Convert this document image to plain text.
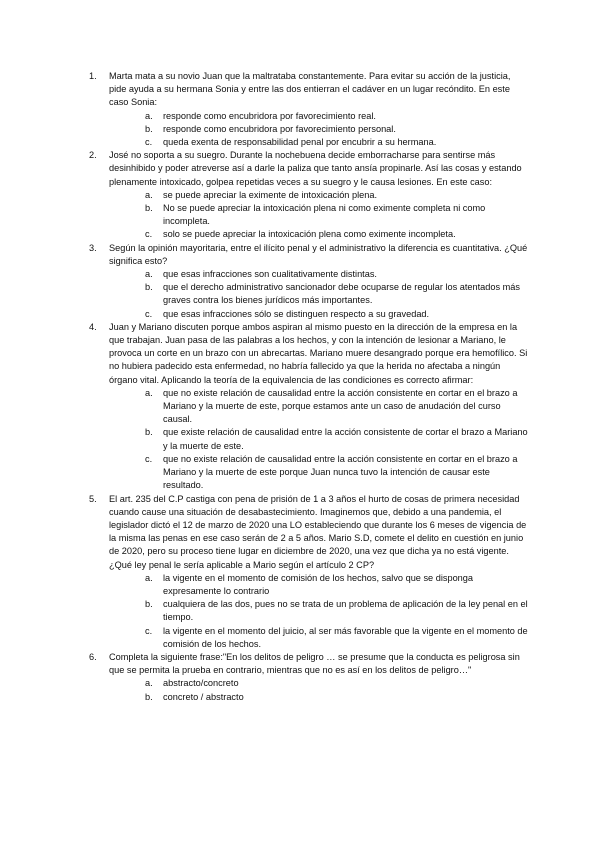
1. Marta mata a su novio Juan que la maltrataba constantemente. Para evitar su acción de la justicia, pide ayuda a su hermana Sonia y entre las dos entierran el cadáver en un lugar recóndito. En este caso Sonia:
a. responde como encubridora por favorecimiento real.
b. responde como encubridora por favorecimiento personal.
c. queda exenta de responsabilidad penal por encubrir a su hermana.
2. José no soporta a su suegro. Durante la nochebuena decide emborracharse para sentirse más desinhibido y poder atreverse así a darle la paliza que tanto ansía propinarle. Así las cosas y estando plenamente intoxicado, golpea repetidas veces a su suegro y le causa lesiones. En este caso:
a. se puede apreciar la eximente de intoxicación plena.
b. No se puede apreciar la intoxicación plena ni como eximente completa ni como incompleta.
c. solo se puede apreciar la intoxicación plena como eximente incompleta.
3. Según la opinión mayoritaria, entre el ilícito penal y el administrativo la diferencia es cuantitativa. ¿Qué significa esto?
a. que esas infracciones son cualitativamente distintas.
b. que el derecho administrativo sancionador debe ocuparse de regular los atentados más graves contra los bienes jurídicos más importantes.
c. que esas infracciones sólo se distinguen respecto a su gravedad.
4. Juan y Mariano discuten porque ambos aspiran al mismo puesto en la dirección de la empresa en la que trabajan. Juan pasa de las palabras a los hechos, y con la intención de lesionar a Mariano, le provoca un corte en un brazo con un abrecartas. Mariano muere desangrado porque era hemofílico. Si no hubiera padecido esta enfermedad, no habría fallecido ya que la herida no afectaba a ningún órgano vital. Aplicando la teoría de la equivalencia de las condiciones es correcto afirmar:
a. que no existe relación de causalidad entre la acción consistente en cortar en el brazo a Mariano y la muerte de este, porque estamos ante un caso de anudación del curso causal.
b. que existe relación de causalidad entre la acción consistente de cortar el brazo a Mariano y la muerte de este.
c. que no existe relación de causalidad entre la acción consistente en cortar en el brazo a Mariano y la muerte de este porque Juan nunca tuvo la intención de causar este resultado.
5. El art. 235 del C.P castiga con pena de prisión de 1 a 3 años el hurto de cosas de primera necesidad cuando cause una situación de desabastecimiento. Imaginemos que, debido a una pandemia, el legislador dictó el 12 de marzo de 2020 una LO estableciendo que durante los 6 meses de vigencia de la misma las penas en ese caso serán de 2 a 5 años. Mario S.D, comete el delito en cuestión en junio de 2020, pero su proceso tiene lugar en diciembre de 2020, una vez que dicha ya no está vigente. ¿Qué ley penal le sería aplicable a Mario según el artículo 2 CP?
a. la vigente en el momento de comisión de los hechos, salvo que se disponga expresamente lo contrario
b. cualquiera de las dos, pues no se trata de un problema de aplicación de la ley penal en el tiempo.
c. la vigente en el momento del juicio, al ser más favorable que la vigente en el momento de comisión de los hechos.
6. Completa la siguiente frase:"En los delitos de peligro … se presume que la conducta es peligrosa sin que se permita la prueba en contrario, mientras que no es así en los delitos de peligro…"
a. abstracto/concreto
b. concreto / abstracto
